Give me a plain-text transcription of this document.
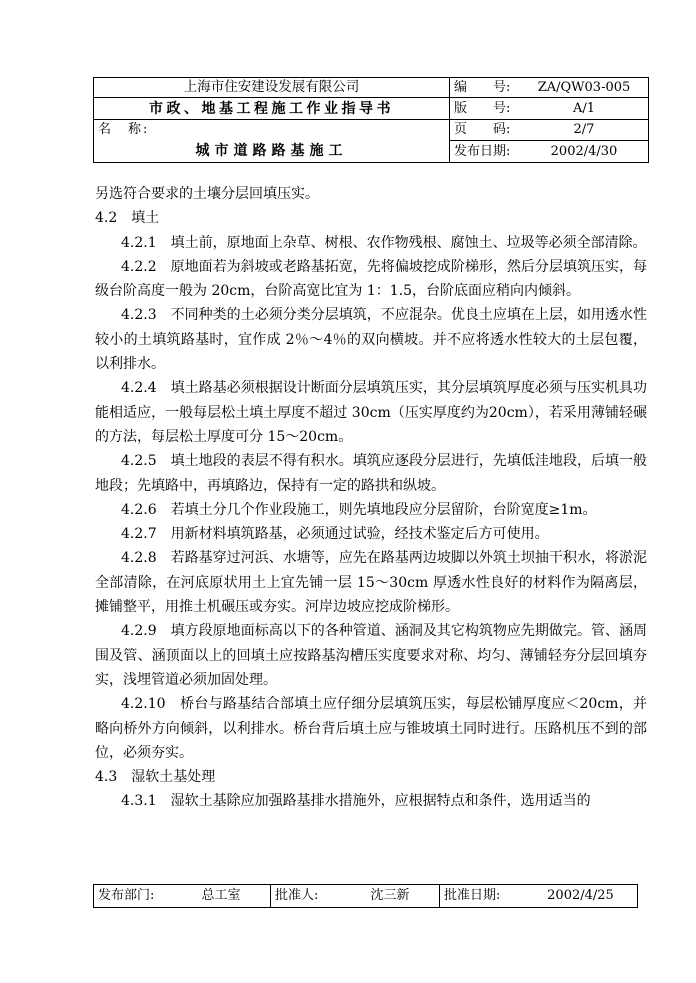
上海市住安建设发展有限公司	编　　号:	ZA/QW03-005
市政、地基工程施工作业指导书	版　　号:	A/1
名　称:	页　　码:	2/7
城市道路路基施工	发布日期:	2002/4/30

另选符合要求的土壤分层回填压实。

4.2　填土

4.2.1　填土前，原地面上杂草、树根、农作物残根、腐蚀土、垃圾等必须全部清除。

4.2.2　原地面若为斜坡或老路基拓宽，先将偏坡挖成阶梯形，然后分层填筑压实，每级台阶高度一般为 20cm，台阶高宽比宜为 1：1.5，台阶底面应稍向内倾斜。

4.2.3　不同种类的土必须分类分层填筑，不应混杂。优良土应填在上层，如用透水性较小的土填筑路基时，宜作成 2％～4％的双向横坡。并不应将透水性较大的土层包覆，以利排水。

4.2.4　填土路基必须根据设计断面分层填筑压实，其分层填筑厚度必须与压实机具功能相适应，一般每层松土填土厚度不超过 30cm（压实厚度约为20cm），若采用薄铺轻碾的方法，每层松土厚度可分 15～20cm。

4.2.5　填土地段的表层不得有积水。填筑应逐段分层进行，先填低洼地段，后填一般地段；先填路中，再填路边，保持有一定的路拱和纵坡。

4.2.6　若填土分几个作业段施工，则先填地段应分层留阶，台阶宽度≥1m。

4.2.7　用新材料填筑路基，必须通过试验，经技术鉴定后方可使用。

4.2.8　若路基穿过河浜、水塘等，应先在路基两边坡脚以外筑土坝抽干积水，将淤泥全部清除，在河底原状用土上宜先铺一层 15～30cm 厚透水性良好的材料作为隔离层，摊铺整平，用推土机碾压或夯实。河岸边坡应挖成阶梯形。

4.2.9　填方段原地面标高以下的各种管道、涵洞及其它构筑物应先期做完。管、涵周围及管、涵顶面以上的回填土应按路基沟槽压实度要求对称、均匀、薄铺轻夯分层回填夯实，浅埋管道必须加固处理。

4.2.10　桥台与路基结合部填土应仔细分层填筑压实，每层松铺厚度应＜20cm，并略向桥外方向倾斜，以利排水。桥台背后填土应与锥坡填土同时进行。压路机压不到的部位，必须夯实。

4.3　湿软土基处理

4.3.1　湿软土基除应加强路基排水措施外，应根据特点和条件，选用适当的

发布部门:	总工室	批准人:	沈三新	批准日期:	2002/4/25
